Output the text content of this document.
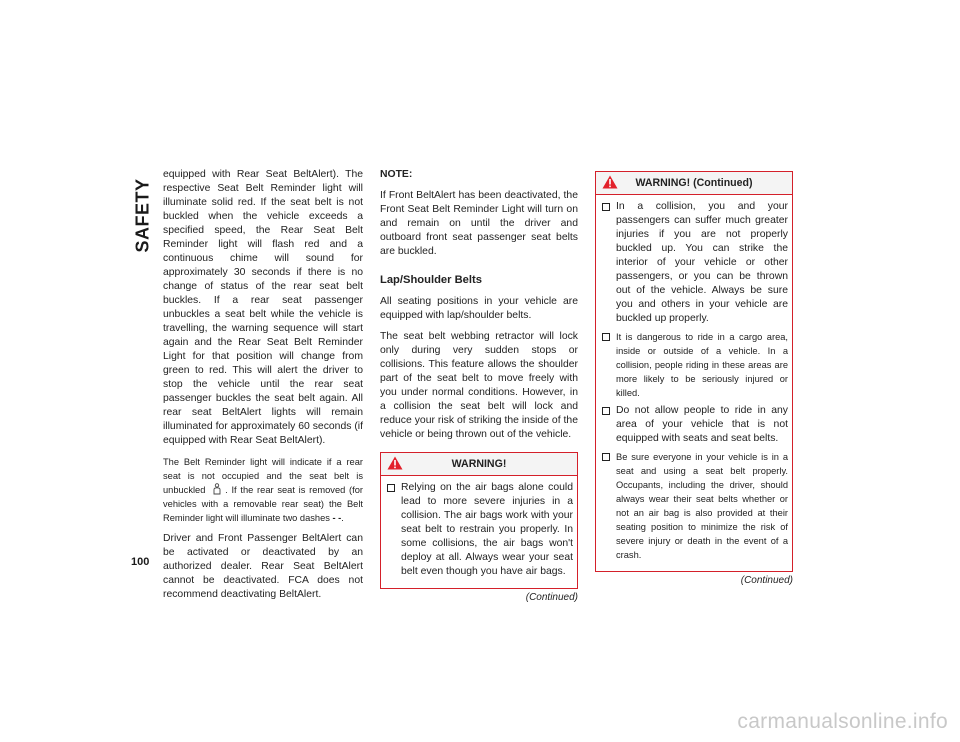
SAFETY
100

equipped with Rear Seat BeltAlert). The respective Seat Belt Reminder light will illuminate solid red. If the seat belt is not buckled when the vehicle exceeds a specified speed, the Rear Seat Belt Reminder light will flash red and a continuous chime will sound for approximately 30 seconds if there is no change of status of the rear seat belt buckles. If a rear seat passenger unbuckles a seat belt while the vehicle is travelling, the warning sequence will start again and the Rear Seat Belt Reminder Light for that position will change from green to red. This will alert the driver to stop the vehicle until the rear seat passenger buckles the seat belt again. All rear seat BeltAlert lights will remain illuminated for approximately 60 seconds (if equipped with Rear Seat BeltAlert).

The Belt Reminder light will indicate if a rear seat is not occupied and the seat belt is unbuckled . If the rear seat is removed (for vehicles with a removable rear seat) the Belt Reminder light will illuminate two dashes - -.

Driver and Front Passenger BeltAlert can be activated or deactivated by an authorized dealer. Rear Seat BeltAlert cannot be deactivated. FCA does not recommend deactivating BeltAlert.

NOTE:

If Front BeltAlert has been deactivated, the Front Seat Belt Reminder Light will turn on and remain on until the driver and outboard front seat passenger seat belts are buckled.

Lap/Shoulder Belts

All seating positions in your vehicle are equipped with lap/shoulder belts.

The seat belt webbing retractor will lock only during very sudden stops or collisions. This feature allows the shoulder part of the seat belt to move freely with you under normal conditions. However, in a collision the seat belt will lock and reduce your risk of striking the inside of the vehicle or being thrown out of the vehicle.

WARNING!
Relying on the air bags alone could lead to more severe injuries in a collision. The air bags work with your seat belt to restrain you properly. In some collisions, the air bags won't deploy at all. Always wear your seat belt even though you have air bags.
(Continued)
WARNING! (Continued)
In a collision, you and your passengers can suffer much greater injuries if you are not properly buckled up. You can strike the interior of your vehicle or other passengers, or you can be thrown out of the vehicle. Always be sure you and others in your vehicle are buckled up properly.
It is dangerous to ride in a cargo area, inside or outside of a vehicle. In a collision, people riding in these areas are more likely to be seriously injured or killed.
Do not allow people to ride in any area of your vehicle that is not equipped with seats and seat belts.
Be sure everyone in your vehicle is in a seat and using a seat belt properly. Occupants, including the driver, should always wear their seat belts whether or not an air bag is also provided at their seating position to minimize the risk of severe injury or death in the event of a crash.
(Continued)
carmanualsonline.info
